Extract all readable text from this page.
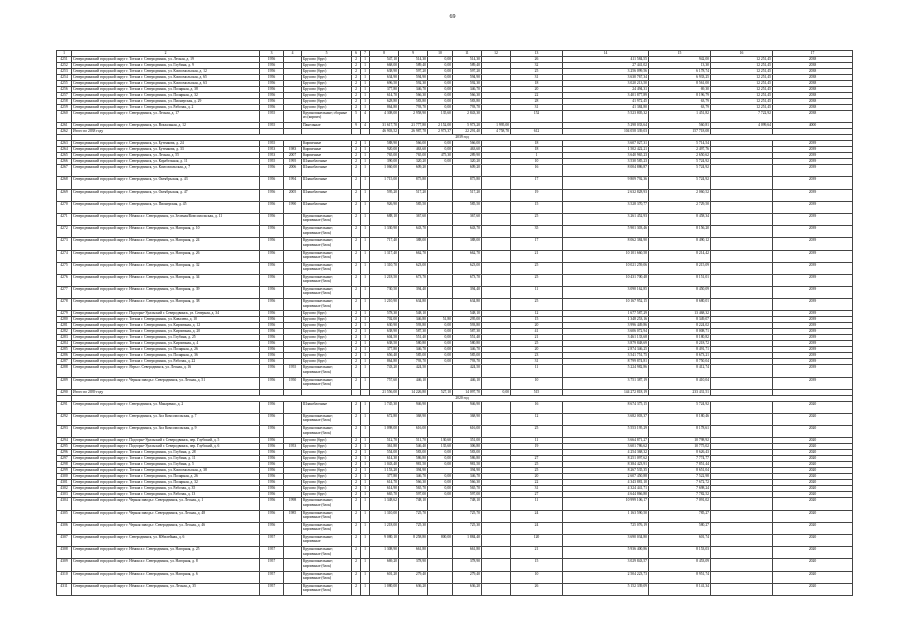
69
1	2	3	4	5	6	7	8	9	10	11	12	13	14	15	16	17
4251	Северодвинский городской округ г. Тотьма г. Северодвинск, ул. Лесная, д. 19	1956		Брусово (брус)	2	1	547,10	514,30	0,00	514,30		26	411 584,55	942,00	12 251,45	2038
4252	Северодвинский городской округ г. Тотьма г. Северодвинск, ул. Глубина, д. 9	1956		Брусово (брус)	2	1	668,00	589,40	0,00	589,40		32	27 441,02	13,30	12 251,45	2038
4253	Северодвинский городской округ г. Тотьма г. Северодвинск, ул. Комсомольская, д. 12	1956		Брусово (брус)	2	1	638,90	597,20	0,00	597,20		25	3 256 099,56	6 178,74	12 251,45	2038
4254	Северодвинский городской округ г. Тотьма г. Северодвинск, ул. Комсомольская, д. 65	1956		Брусово (брус)	2	1	634,90	594,90	0,00	594,90		31	3 630 767,34	6 933,25	12 251,45	2038
4255	Северодвинский городской округ г. Тотьма г. Северодвинск, ул. Комсомольская, д. 63	1956		Брусово (брус)	2	1	696,50	592,30	0,00	592,30		18	3 020 213,50	8 561,00	12 251,45	2038
4256	Северодвинский городской округ г. Тотьма г. Северодвинск, ул. Полярная, д. 38	1956		Брусово (брус)	2	1	377,80	346,70	0,00	346,70		20	24 494,31	69,30	12 251,45	2038
4257	Северодвинский городской округ г. Тотьма г. Северодвинск, ул. Полярная, д. 32	1956		Брусово (брус)	2	1	614,70	566,30	0,00	566,30		22	3 401 877,89	8 196,79	12 251,45	2038
4258	Северодвинский городской округ г. Тотьма г. Северодвинск, ул. Пионерская, д. 29	1956		Брусово (брус)	2	1	628,80	583,80	0,00	583,80		28	41 972,45	63,79	12 251,45	2038
4259	Северодвинский городской округ г. Тотьма г. Северодвинск, ул. Рабочая, д. 2	1956		Брусово (брус)	2	1	864,80	793,70	0,00	793,70		31	41 384,80	63,79	12 251,45	2038
4260	Северодвинский городской округ г. Северодвинск, ул. Лесная, д. 17	1955		Крупнопанельные; сборные из (кирпич)	5	4	4 308,00	2 958,90	135,60	2 843,30		152	5 523 805,32	1 451,82	7 722,92	2038
4261	Северодвинский городской округ г. Северодвинск, ул. Вокзальная, д. 12	1955		Панельные	9	4	31 617,70	21 777,80	2 152,00	5 973,20	1 995,00		5 298 033,64	560,81	4 099,64	4000
4262	Итого по 2038 году						46 903,52	26 987,78	2 973,37	22 291,40	4 758,78	612	104 058 339,03	157 718,08		
	2039 год															
4263	Северодвинский городской округ г. Северодвинск, ул. Бутенкова, д. 24	1955		Кирпичные	2	1	588,90	566,00	0,00	566,00		18	3 607 027,31	5 714,54		2039
4264	Северодвинский городской округ г. Северодвинск, ул. Бутенкова, д. 33	1953	1983	Кирпичные	2	1	920,00	463,60	0,00	463,60		18	1 502 422,21	2 497,76		2039
4265	Северодвинский городской округ г. Северодвинск, ул. Лесная, д. 55	1953	2007	Кирпичные	2	1	765,00	765,00	475,30	289,90		1	3 640 965,23	2 650,62		2039
4266	Северодвинский городской округ г. Северодвинск, ул. Корабельная, д. 11	1955	1995	Шлакоблочные	2	1	390,00	320,20	0,00	320,20		10	3 530 585,23	5 724,92		2039
4267	Северодвинский городской округ г. Северодвинск, ул. Комсомольская, д. 7	1956	2006	Шлакоблочные	2	1	1 060,00	609,20		609,20		16	8 004 886,87	5 724,92		2039
4268	Северодвинский городской округ г. Северодвинск, ул. Октябрьская, д. 43	1956	1994	Шлакоблочные	2	1	1 715,00	875,80		875,80		17	9 809 792,36	5 724,92		2039
4269	Северодвинский городской округ г. Северодвинск, ул. Октябрьская, д. 47	1956	2005	Шлакоблочные	2	1	595,20	517,20		517,20		19	2 632 828,93	2 060,52		2039
4270	Северодвинский городской округ г. Северодвинск, ул. Пионерская, д. 45	1956	1990	Шлакоблочные	2	1	926,90	585,50		585,50		15	3 528 370,77	2 729,50		2039
4271	Северодвинский городской округ г. Нёнокса г. Северодвинск, ул. Зеленая/Комсомольская, д. 11	1956		Крупнопанельные; кирпичные (блок)	2	1	688,10	367,60		367,60		25	3 261 452,93	8 458,34		2039
4272	Северодвинский городской округ г. Нёнокса г. Северодвинск, ул. Нагорная, д. 10	1956		Крупнопанельные; кирпичные (блок)	2	1	1 330,90	643,70		643,70		35	5 901 303,46	8 156,20		2039
4273	Северодвинский городской округ г. Нёнокса г. Северодвинск, ул. Нагорная, д. 24	1956		Крупнопанельные; кирпичные (блок)	2	1	717,40	388,00		388,00		17	8 062 384,90	8 490,12		2039
4274	Северодвинский городской округ г. Нёнокса г. Северодвинск, ул. Нагорная, д. 26	1956		Крупнопанельные; кирпичные (блок)	2	1	1 317,40	662,70		662,70		21	10 101 660,58	8 214,42		2039
4275	Северодвинский городской округ г. Нёнокса г. Северодвинск, ул. Нагорная, д. 32	1956		Крупнопанельные; кирпичные (блок)	2	1	1 310,70	623,00		623,00		25	10 021 259,06	8 215,09		2039
4276	Северодвинский городской округ г. Нёнокса г. Северодвинск, ул. Нагорная, д. 34	1956		Крупнопанельные; кирпичные (блок)	2	1	1 218,50	673,70		673,70		25	10 431 700,48	8 151,01		2039
4277	Северодвинский городской округ г. Нёнокса г. Северодвинск, ул. Нагорная, д. 39	1956		Крупнопанельные; кирпичные (блок)	2	1	730,50	394,40		394,40		11	3 090 162,85	8 450,09		2039
4278	Северодвинский городской округ г. Нёнокса г. Северодвинск, ул. Нагорная, д. 38	1956		Крупнопанельные; кирпичные (блок)	2	1	1 210,90	634,80		634,80		25	10 167 952,15	8 680,01		2039
4279	Северодвинский городской округ г. Подгорье-Уральский г. Северодвинск, ул. Северная, д. 34	1956		Брусово (брус)	2	1	578,30	548,10		548,10		12	1 677 587,29	13 468,32		2039
4280	Северодвинский городской округ г. Тотьма г. Северодвинск, ул. Ковалева, д. 10	1956		Брусово (брус)	2	1	702,00	346,80	51,80	295,00		15	1 348 253,16	8 349,07		2039
4281	Северодвинский городской округ г. Тотьма г. Северодвинск, ул. Кирпичная, д. 12	1956		Брусово (брус)	2	1	630,90	593,80	0,00	593,80		20	3 996 449,86	8 224,02		2039
4282	Северодвинский городской округ г. Тотьма г. Северодвинск, ул. Кирпичная, д. 20	1956		Брусово (брус)	2	1	638,90	587,30	0,00	587,30		41	3 606 072,94	8 008,71		2039
4283	Северодвинский городской округ г. Тотьма г. Северодвинск, ул. Глубина, д. 25	1956		Брусово (брус)	2	1	604,50	551,40	0,00	551,40		21	3 461 133,68	8 180,82		2039
4284	Северодвинский городской округ г. Тотьма г. Северодвинск, ул. Кирпичная, д. 4	1956		Брусово (брус)	2	1	638,50	580,80	0,00	580,80		25	3 879 848,69	8 218,72		2039
4285	Северодвинский городской округ г. Тотьма г. Северодвинск, ул. Полярная, д. 26	1956		Брусово (брус)	2	1	377,80	346,70	0,00	346,70		20	2 874 346,25	8 491,71		2039
4286	Северодвинский городской округ г. Тотьма г. Северодвинск, ул. Полярная, д. 36	1956		Брусово (брус)	2	1	656,40	585,00	0,00	585,00		23	3 541 751,75	8 673,21		2039
4287	Северодвинский городской округ г. Тотьма г. Северодвинск, ул. Рабочая, д. 22	1956		Брусово (брус)	2	1	864,80	793,70	0,00	793,70		31	8 799 874,81	8 750,04		2039
4288	Северодвинский городской округ г. Ягры г. Северодвинск, ул. Лесная, д. 16	1956	1955	Крупнопанельные; кирпичные (блок)	2	1	743,20	424,50		424,50		11	5 224 982,86	8 412,74		2039
4289	Северодвинский городской округ г. Черная заводь г. Северодвинск, ул. Лесная, д. 51	1956	1950	Крупнопанельные; кирпичные (блок)	2	1	757,60	446,10		446,10		10	3 751 387,19	8 410,04		2039
4290	Итого по 2039 году						21 556,00	14 226,80	527,10	14 097,70	0,00	515	144 272 818,19	233 431,51		
	2020 год															
4291	Северодвинский городской округ г. Северодвинск, ул. Макаренко, д. 2	1956		Шлакоблочные	2	1	1 745,30	946,90		946,90		16	8 674 375,15	5 724,92		2020
4292	Северодвинский городской округ г. Северодвинск, ул. Зол Комсомольская, д. 7	1956		Крупнопанельные; кирпичные (блок)	2	1	672,80	368,90		368,90		12	3 682 003,37	8 180,46		2020
4293	Северодвинский городской округ г. Северодвинск, ул. Зол Комсомольская, д. 9	1956		Крупнопанельные; кирпичные (блок)	2	1	1 098,00	616,00		616,00		25	5 553 195,29	8 178,61		2020
4294	Северодвинский городской округ г. Подгорье-Уральский г. Северодвинск, пер. Глубокий, д. 5	1956		Брусово (брус)	2	1	512,70	511,70	130,60	351,00		11	3 664 871,27	10 798,92		2020
4295	Северодвинский городской округ г. Подгорье-Уральский г. Северодвинск, пер. Глубокий, д. 6	1956	1953	Брусово (брус)	2	1	361,80	546,40	135,60	306,80		19	3 601 786,62	10 775,02		2020
4296	Северодвинский городской округ г. Тотьма г. Северодвинск, ул. Глубина, д. 28	1956		Брусово (брус)	2	1	554,00	583,00	0,00	583,00			4 254 368,32	8 626,43		2020
4297	Северодвинский городской округ г. Тотьма г. Северодвинск, ул. Глубина, д. 11	1956		Брусово (брус)	2	1	614,30	586,80	0,00	586,80		27	8 251 097,62	7 774,77		2020
4298	Северодвинский городской округ г. Тотьма г. Северодвинск, ул. Глубина, д. 5	1956		Брусово (брус)	2	1	1 043,40	981,50	0,00	981,50		25	8 384 423,91	7 851,44		2020
4299	Северодвинский городской округ г. Тотьма г. Северодвинск, ул. Комсомольская, д. 38	1956		Брусово (брус)	2	1	1 153,20	394,90		394,90		25	8 267 535,35	8 651,04		2020
4300	Северодвинский городской округ г. Тотьма г. Северодвинск, ул. Полярная, д. 26	1956		Брусово (брус)	2	1	377,80	346,70	0,00	346,70		20	2 607 450,88	7 522,98		2020
4301	Северодвинский городской округ г. Тотьма г. Северодвинск, ул. Полярная, д. 32	1956		Брусово (брус)	2	1	614,70	566,30	0,00	566,30		22	4 343 881,10	7 672,72		2020
4302	Северодвинский городской округ г. Тотьма г. Северодвинск, ул. Рабочая, д. 35	1956		Брусово (брус)	2	1	614,90	565,70	0,00	565,70		31	4 324 441,71	7 698,24		2020
4303	Северодвинский городской округ г. Тотьма г. Северодвинск, ул. Рабочая, д. 13	1956		Брусово (брус)	2	1	665,70	597,00	0,00	597,00		27	4 644 866,80	7 782,52		2020
4304	Северодвинский городской округ г. Черная заводь г. Северодвинск, ул. Лесная, д. 1	1956	1998	Крупнопанельные; кирпичные (блок)	2	1	1 348,62	748,10		748,10		11	10 999 106,17	7 091,02		2020
4305	Северодвинский городской округ г. Черная заводь г. Северодвинск, ул. Лесная, д. 48	1956	1985	Крупнопанельные; кирпичные (блок)	2	1	1 310,00	725,70		725,70		24	1 163 590,50	785,27		2020
4306	Северодвинский городской округ г. Черная заводь г. Северодвинск, ул. Лесная, д. 46	1956		Крупнопанельные; кирпичные (блок)	2	1	1 218,00	725,30		725,30		24	725 076,19	580,27		2020
4307	Северодвинский городской округ г. Северодвинск, ул. Юбилейная, д. 6	1957		Крупнопанельные; кирпичные	2	1	9 080,10	8 258,80	800,00	1 884,40		120	3 690 034,80	601,74		2020
4308	Северодвинский городской округ г. Нёнокса г. Северодвинск, ул. Нагорная, д. 25	1957		Крупнопанельные; кирпичные (блок)	2	1	1 308,90	661,80		661,80		21	5 936 400,86	8 153,03		2020
4309	Северодвинский городской округ г. Нёнокса г. Северодвинск, ул. Нагорная, д. 8	1957		Крупнопанельные; кирпичные (блок)	2	1	669,20	378,90		378,90		15	3 029 843,57	8 453,09		2020
4310	Северодвинский городской округ г. Нёнокса г. Северодвинск, ул. Нагорная, д. 6	1957		Крупнопанельные; кирпичные (блок)	2	1	601,20	279,40		279,40		10	2 504 223,73	8 951,74		2020
4311	Северодвинский городской округ г. Нёнокса г. Северодвинск, ул. Лесная, д. 35	1957		Крупнопанельные; кирпичные (блок)	2	1	1 080,00	636,20		636,20		26	5 152 339,09	8 141,34		2020
